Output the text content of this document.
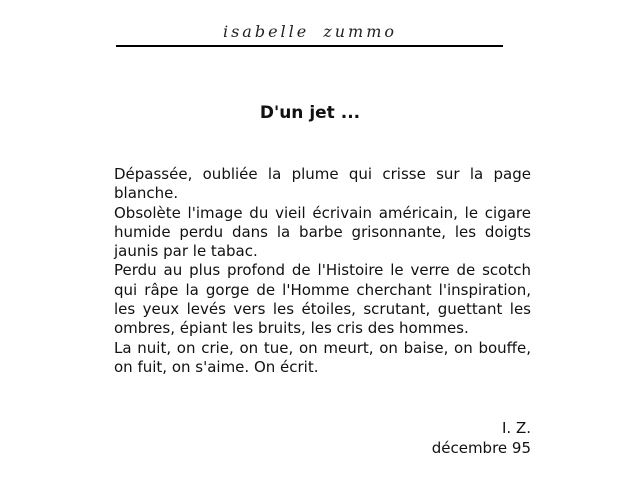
isabelle zummo
D'un jet ...

Dépassée, oubliée la plume qui crisse sur la page blanche.

Obsolète l'image du vieil écrivain américain, le cigare humide perdu dans la barbe grisonnante, les doigts jaunis par le tabac.

Perdu au plus profond de l'Histoire le verre de scotch qui râpe la gorge de l'Homme cherchant l'inspiration, les yeux levés vers les étoiles, scrutant, guettant les ombres, épiant les bruits, les cris des hommes.

La nuit, on crie, on tue, on meurt, on baise, on bouffe, on fuit, on s'aime. On écrit.

I. Z.
décembre 95
